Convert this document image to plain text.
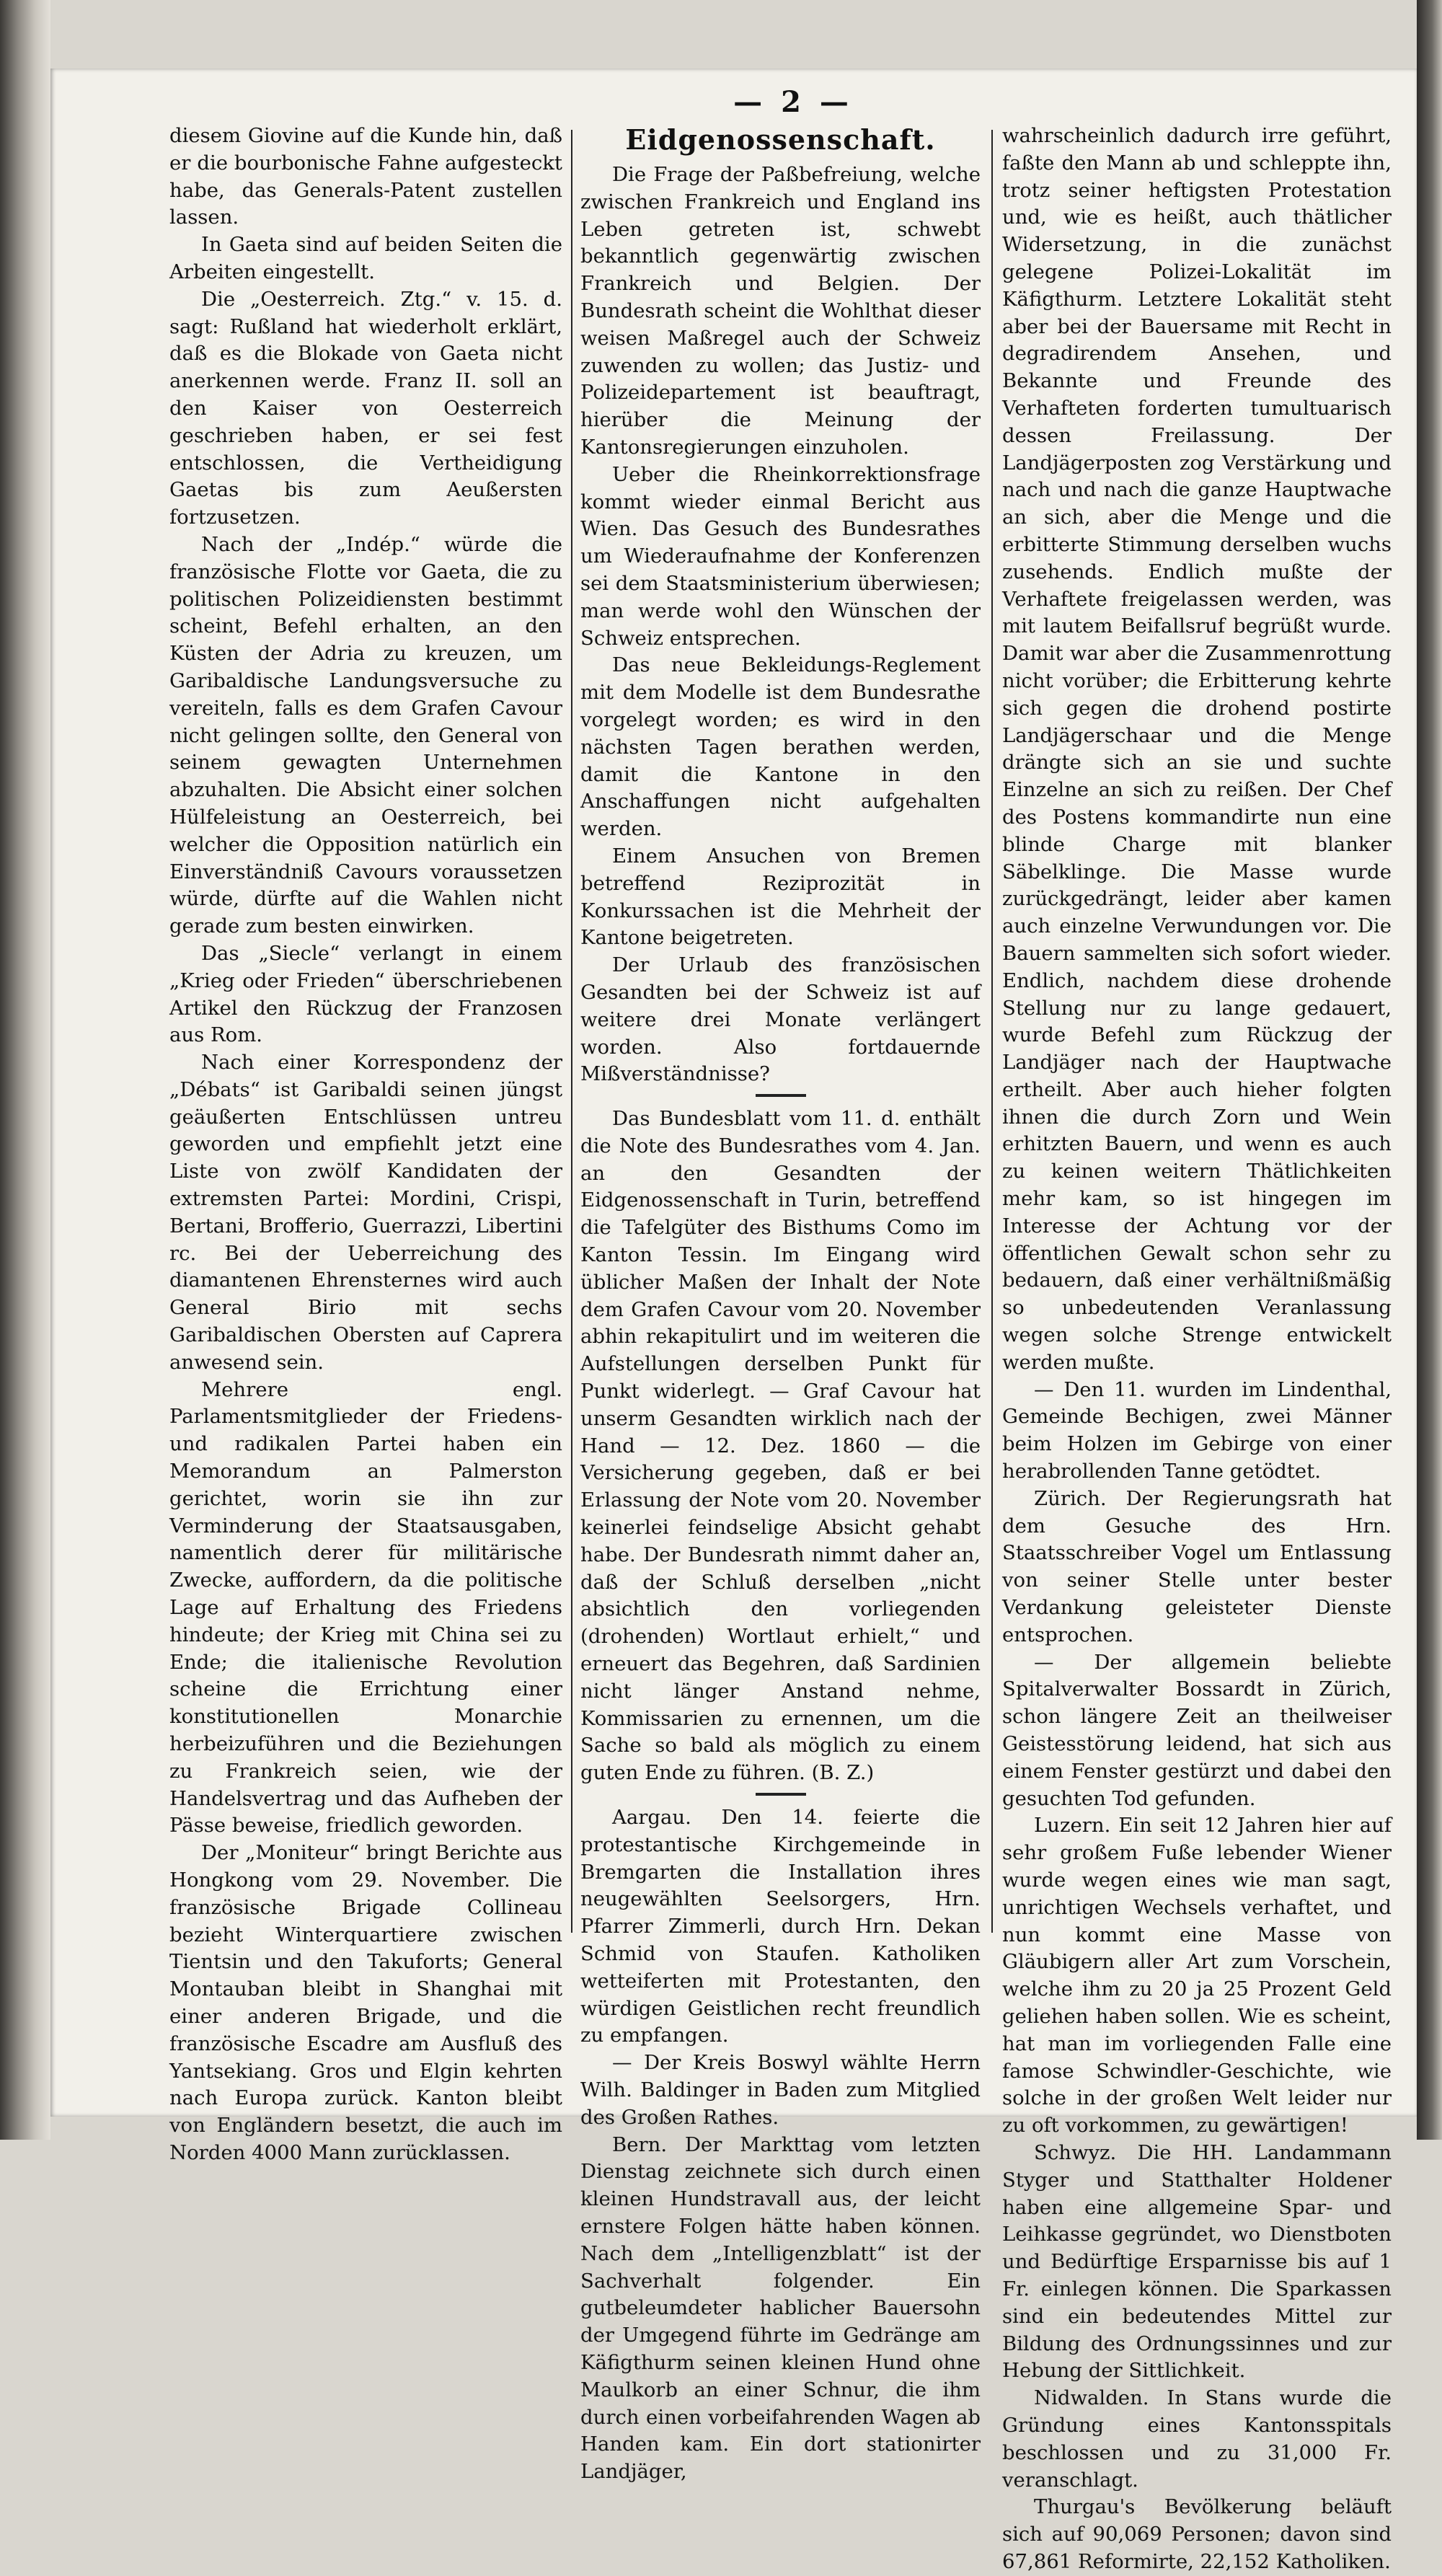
— 2 —

diesem Giovine auf die Kunde hin, daß er die bourbonische Fahne aufgesteckt habe, das Generals-Patent zustellen lassen.

In Gaeta sind auf beiden Seiten die Arbeiten eingestellt.

Die „Oesterreich. Ztg.“ v. 15. d. sagt: Rußland hat wiederholt erklärt, daß es die Blokade von Gaeta nicht anerkennen werde. Franz II. soll an den Kaiser von Oesterreich geschrieben haben, er sei fest entschlossen, die Vertheidigung Gaetas bis zum Aeußersten fortzusetzen.

Nach der „Indép.“ würde die französische Flotte vor Gaeta, die zu politischen Polizeidiensten bestimmt scheint, Befehl erhalten, an den Küsten der Adria zu kreuzen, um Garibaldische Landungsversuche zu vereiteln, falls es dem Grafen Cavour nicht gelingen sollte, den General von seinem gewagten Unternehmen abzuhalten. Die Absicht einer solchen Hülfeleistung an Oesterreich, bei welcher die Opposition natürlich ein Einverständniß Cavours voraussetzen würde, dürfte auf die Wahlen nicht gerade zum besten einwirken.

Das „Siecle“ verlangt in einem „Krieg oder Frieden“ überschriebenen Artikel den Rückzug der Franzosen aus Rom.

Nach einer Korrespondenz der „Débats“ ist Garibaldi seinen jüngst geäußerten Entschlüssen untreu geworden und empfiehlt jetzt eine Liste von zwölf Kandidaten der extremsten Partei: Mordini, Crispi, Bertani, Brofferio, Guerrazzi, Libertini rc. Bei der Ueberreichung des diamantenen Ehrensternes wird auch General Birio mit sechs Garibaldischen Obersten auf Caprera anwesend sein.

Mehrere engl. Parlamentsmitglieder der Friedens- und radikalen Partei haben ein Memorandum an Palmerston gerichtet, worin sie ihn zur Verminderung der Staatsausgaben, namentlich derer für militärische Zwecke, auffordern, da die politische Lage auf Erhaltung des Friedens hindeute; der Krieg mit China sei zu Ende; die italienische Revolution scheine die Errichtung einer konstitutionellen Monarchie herbeizuführen und die Beziehungen zu Frankreich seien, wie der Handelsvertrag und das Aufheben der Pässe beweise, friedlich geworden.

Der „Moniteur“ bringt Berichte aus Hongkong vom 29. November. Die französische Brigade Collineau bezieht Winterquartiere zwischen Tientsin und den Takuforts; General Montauban bleibt in Shanghai mit einer anderen Brigade, und die französische Escadre am Ausfluß des Yantsekiang. Gros und Elgin kehrten nach Europa zurück. Kanton bleibt von Engländern besetzt, die auch im Norden 4000 Mann zurücklassen.

Eidgenossenschaft.

Die Frage der Paßbefreiung, welche zwischen Frankreich und England ins Leben getreten ist, schwebt bekanntlich gegenwärtig zwischen Frankreich und Belgien. Der Bundesrath scheint die Wohlthat dieser weisen Maßregel auch der Schweiz zuwenden zu wollen; das Justiz- und Polizeidepartement ist beauftragt, hierüber die Meinung der Kantonsregierungen einzuholen.

Ueber die Rheinkorrektionsfrage kommt wieder einmal Bericht aus Wien. Das Gesuch des Bundesrathes um Wiederaufnahme der Konferenzen sei dem Staatsministerium überwiesen; man werde wohl den Wünschen der Schweiz entsprechen.

Das neue Bekleidungs-Reglement mit dem Modelle ist dem Bundesrathe vorgelegt worden; es wird in den nächsten Tagen berathen werden, damit die Kantone in den Anschaffungen nicht aufgehalten werden.

Einem Ansuchen von Bremen betreffend Reziprozität in Konkurssachen ist die Mehrheit der Kantone beigetreten.

Der Urlaub des französischen Gesandten bei der Schweiz ist auf weitere drei Monate verlängert worden. Also fortdauernde Mißverständnisse?

Das Bundesblatt vom 11. d. enthält die Note des Bundesrathes vom 4. Jan. an den Gesandten der Eidgenossenschaft in Turin, betreffend die Tafelgüter des Bisthums Como im Kanton Tessin. Im Eingang wird üblicher Maßen der Inhalt der Note dem Grafen Cavour vom 20. November abhin rekapitulirt und im weiteren die Aufstellungen derselben Punkt für Punkt widerlegt. — Graf Cavour hat unserm Gesandten wirklich nach der Hand — 12. Dez. 1860 — die Versicherung gegeben, daß er bei Erlassung der Note vom 20. November keinerlei feindselige Absicht gehabt habe. Der Bundesrath nimmt daher an, daß der Schluß derselben „nicht absichtlich den vorliegenden (drohenden) Wortlaut erhielt,“ und erneuert das Begehren, daß Sardinien nicht länger Anstand nehme, Kommissarien zu ernennen, um die Sache so bald als möglich zu einem guten Ende zu führen. (B. Z.)

Aargau. Den 14. feierte die protestantische Kirchgemeinde in Bremgarten die Installation ihres neugewählten Seelsorgers, Hrn. Pfarrer Zimmerli, durch Hrn. Dekan Schmid von Staufen. Katholiken wetteiferten mit Protestanten, den würdigen Geistlichen recht freundlich zu empfangen.

— Der Kreis Boswyl wählte Herrn Wilh. Baldinger in Baden zum Mitglied des Großen Rathes.

Bern. Der Markttag vom letzten Dienstag zeichnete sich durch einen kleinen Hundstravall aus, der leicht ernstere Folgen hätte haben können. Nach dem „Intelligenzblatt“ ist der Sachverhalt folgender. Ein gutbeleumdeter hablicher Bauersohn der Umgegend führte im Gedränge am Käfigthurm seinen kleinen Hund ohne Maulkorb an einer Schnur, die ihm durch einen vorbeifahrenden Wagen ab Handen kam. Ein dort stationirter Landjäger,

wahrscheinlich dadurch irre geführt, faßte den Mann ab und schleppte ihn, trotz seiner heftigsten Protestation und, wie es heißt, auch thätlicher Widersetzung, in die zunächst gelegene Polizei-Lokalität im Käfigthurm. Letztere Lokalität steht aber bei der Bauersame mit Recht in degradirendem Ansehen, und Bekannte und Freunde des Verhafteten forderten tumultuarisch dessen Freilassung. Der Landjägerposten zog Verstärkung und nach und nach die ganze Hauptwache an sich, aber die Menge und die erbitterte Stimmung derselben wuchs zusehends. Endlich mußte der Verhaftete freigelassen werden, was mit lautem Beifallsruf begrüßt wurde. Damit war aber die Zusammenrottung nicht vorüber; die Erbitterung kehrte sich gegen die drohend postirte Landjägerschaar und die Menge drängte sich an sie und suchte Einzelne an sich zu reißen. Der Chef des Postens kommandirte nun eine blinde Charge mit blanker Säbelklinge. Die Masse wurde zurückgedrängt, leider aber kamen auch einzelne Verwundungen vor. Die Bauern sammelten sich sofort wieder. Endlich, nachdem diese drohende Stellung nur zu lange gedauert, wurde Befehl zum Rückzug der Landjäger nach der Hauptwache ertheilt. Aber auch hieher folgten ihnen die durch Zorn und Wein erhitzten Bauern, und wenn es auch zu keinen weitern Thätlichkeiten mehr kam, so ist hingegen im Interesse der Achtung vor der öffentlichen Gewalt schon sehr zu bedauern, daß einer verhältnißmäßig so unbedeutenden Veranlassung wegen solche Strenge entwickelt werden mußte.

— Den 11. wurden im Lindenthal, Gemeinde Bechigen, zwei Männer beim Holzen im Gebirge von einer herabrollenden Tanne getödtet.

Zürich. Der Regierungsrath hat dem Gesuche des Hrn. Staatsschreiber Vogel um Entlassung von seiner Stelle unter bester Verdankung geleisteter Dienste entsprochen.

— Der allgemein beliebte Spitalverwalter Bossardt in Zürich, schon längere Zeit an theilweiser Geistesstörung leidend, hat sich aus einem Fenster gestürzt und dabei den gesuchten Tod gefunden.

Luzern. Ein seit 12 Jahren hier auf sehr großem Fuße lebender Wiener wurde wegen eines wie man sagt, unrichtigen Wechsels verhaftet, und nun kommt eine Masse von Gläubigern aller Art zum Vorschein, welche ihm zu 20 ja 25 Prozent Geld geliehen haben sollen. Wie es scheint, hat man im vorliegenden Falle eine famose Schwindler-Geschichte, wie solche in der großen Welt leider nur zu oft vorkommen, zu gewärtigen!

Schwyz. Die HH. Landammann Styger und Statthalter Holdener haben eine allgemeine Spar- und Leihkasse gegründet, wo Dienstboten und Bedürftige Ersparnisse bis auf 1 Fr. einlegen können. Die Sparkassen sind ein bedeutendes Mittel zur Bildung des Ordnungssinnes und zur Hebung der Sittlichkeit.

Nidwalden. In Stans wurde die Gründung eines Kantonsspitals beschlossen und zu 31,000 Fr. veranschlagt.

Thurgau's Bevölkerung beläuft sich auf 90,069 Personen; davon sind 67,861 Reformirte, 22,152 Katholiken.
